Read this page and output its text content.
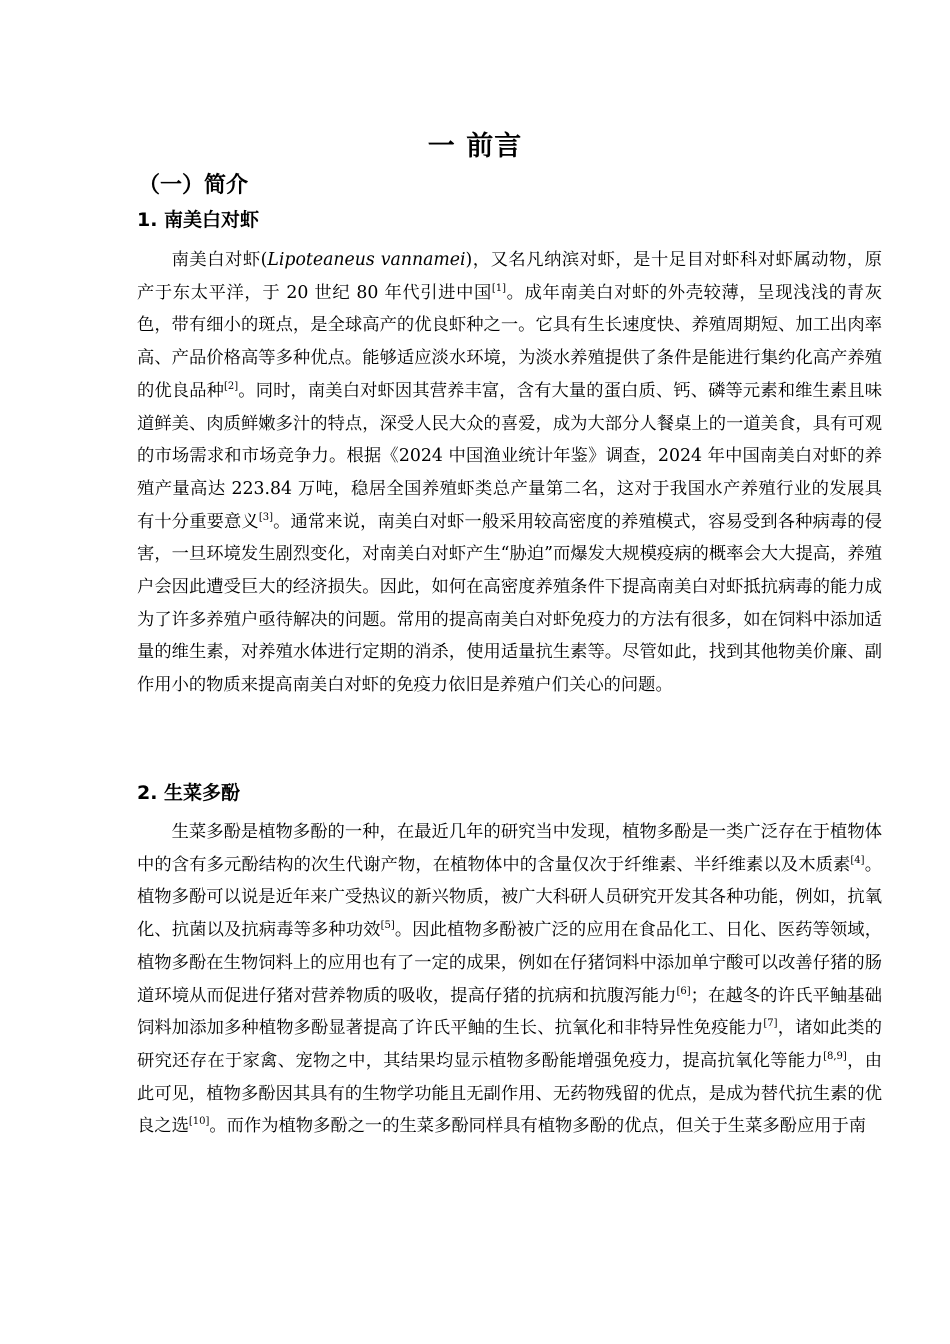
一 前言
（一）简介
1. 南美白对虾

南美白对虾(Lipoteaneus vannamei)，又名凡纳滨对虾，是十足目对虾科对虾属动物，原产于东太平洋，于 20 世纪 80 年代引进中国[1]。成年南美白对虾的外壳较薄，呈现浅浅的青灰色，带有细小的斑点，是全球高产的优良虾种之一。它具有生长速度快、养殖周期短、加工出肉率高、产品价格高等多种优点。能够适应淡水环境，为淡水养殖提供了条件是能进行集约化高产养殖的优良品种[2]。同时，南美白对虾因其营养丰富，含有大量的蛋白质、钙、磷等元素和维生素且味道鲜美、肉质鲜嫩多汁的特点，深受人民大众的喜爱，成为大部分人餐桌上的一道美食，具有可观的市场需求和市场竞争力。根据《2024 中国渔业统计年鉴》调查，2024 年中国南美白对虾的养殖产量高达 223.84 万吨，稳居全国养殖虾类总产量第二名，这对于我国水产养殖行业的发展具有十分重要意义[3]。通常来说，南美白对虾一般采用较高密度的养殖模式，容易受到各种病毒的侵害，一旦环境发生剧烈变化，对南美白对虾产生“胁迫”而爆发大规模疫病的概率会大大提高，养殖户会因此遭受巨大的经济损失。因此，如何在高密度养殖条件下提高南美白对虾抵抗病毒的能力成为了许多养殖户亟待解决的问题。常用的提高南美白对虾免疫力的方法有很多，如在饲料中添加适量的维生素，对养殖水体进行定期的消杀，使用适量抗生素等。尽管如此，找到其他物美价廉、副作用小的物质来提高南美白对虾的免疫力依旧是养殖户们关心的问题。

2. 生菜多酚

生菜多酚是植物多酚的一种，在最近几年的研究当中发现，植物多酚是一类广泛存在于植物体中的含有多元酚结构的次生代谢产物，在植物体中的含量仅次于纤维素、半纤维素以及木质素[4]。植物多酚可以说是近年来广受热议的新兴物质，被广大科研人员研究开发其各种功能，例如，抗氧化、抗菌以及抗病毒等多种功效[5]。因此植物多酚被广泛的应用在食品化工、日化、医药等领域，植物多酚在生物饲料上的应用也有了一定的成果，例如在仔猪饲料中添加单宁酸可以改善仔猪的肠道环境从而促进仔猪对营养物质的吸收，提高仔猪的抗病和抗腹泻能力[6]；在越冬的许氏平鲉基础饲料加添加多种植物多酚显著提高了许氏平鲉的生长、抗氧化和非特异性免疫能力[7]，诸如此类的研究还存在于家禽、宠物之中，其结果均显示植物多酚能增强免疫力，提高抗氧化等能力[8,9]，由此可见，植物多酚因其具有的生物学功能且无副作用、无药物残留的优点，是成为替代抗生素的优良之选[10]。而作为植物多酚之一的生菜多酚同样具有植物多酚的优点，但关于生菜多酚应用于南
